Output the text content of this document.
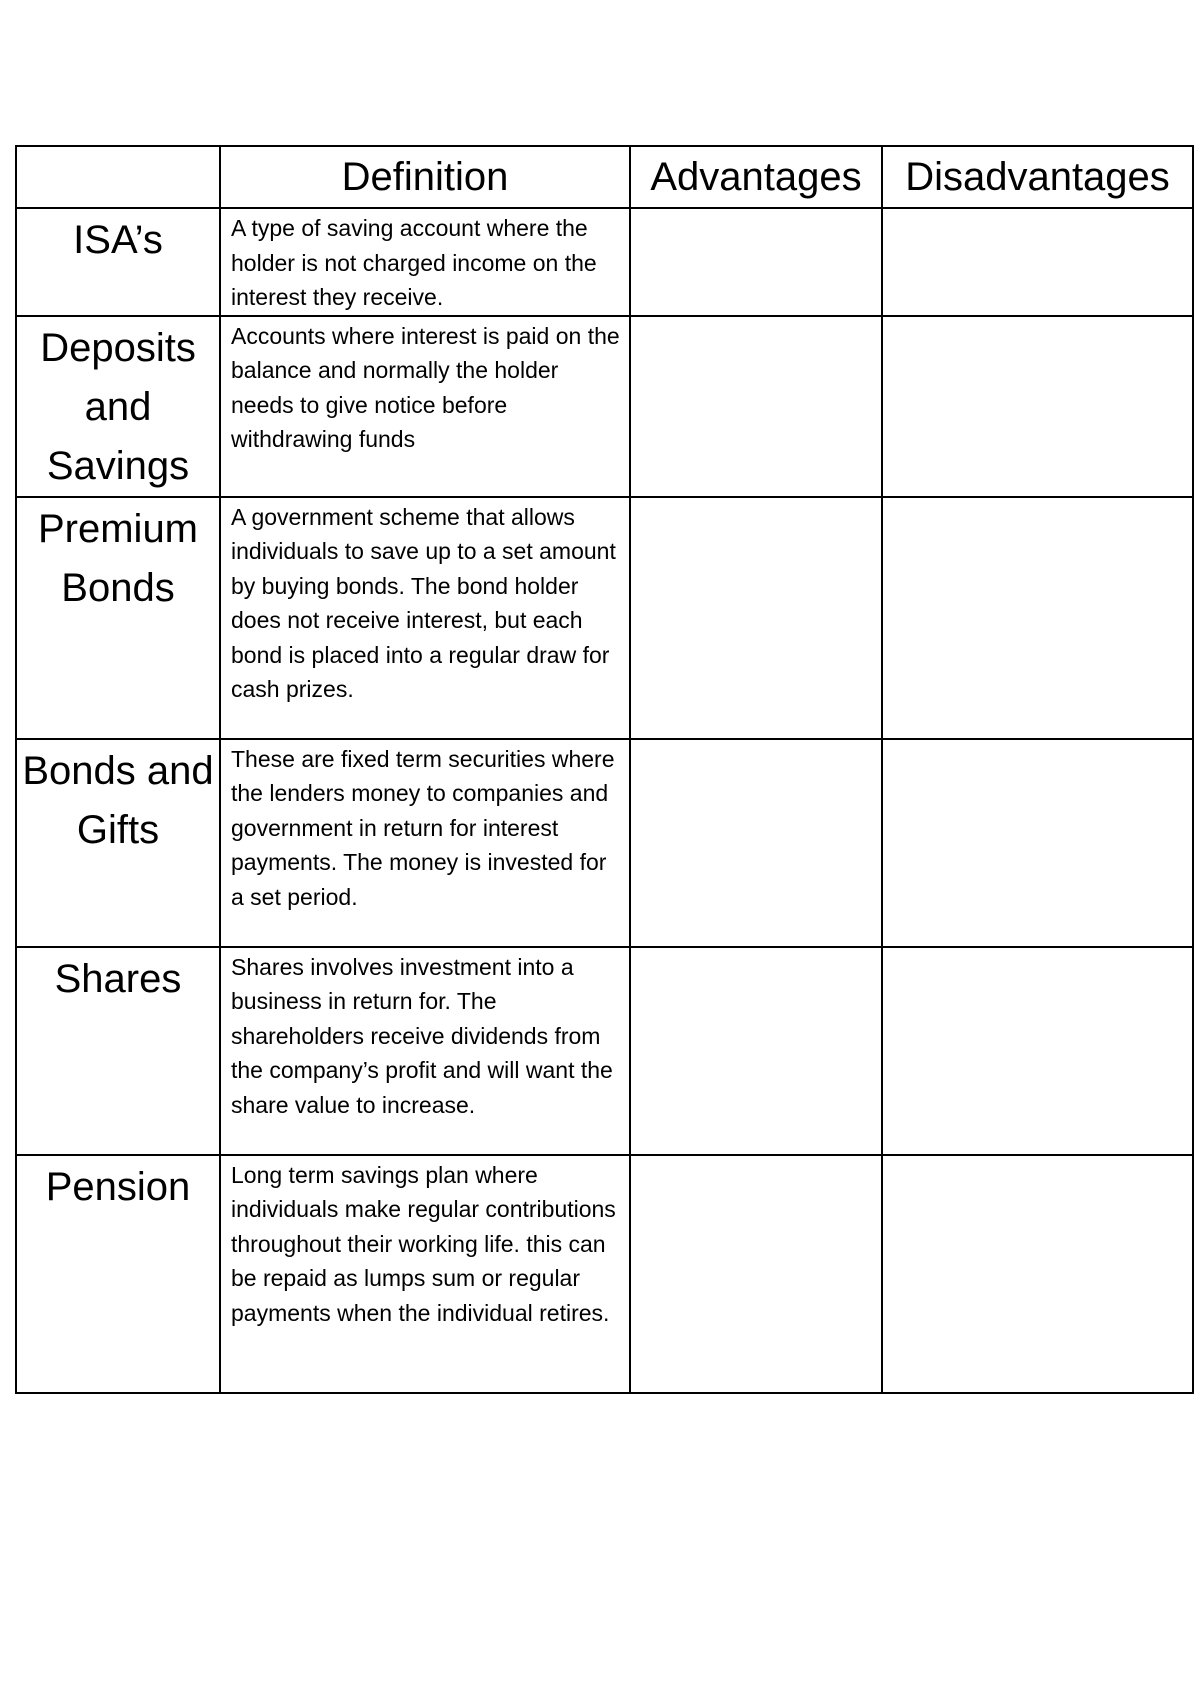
	Definition	Advantages	Disadvantages
ISA’s	A type of saving account where the holder is not charged income on the interest they receive.		
Deposits and Savings	Accounts where interest is paid on the balance and normally the holder needs to give notice before withdrawing funds		
Premium Bonds	A government scheme that allows individuals to save up to a set amount by buying bonds. The bond holder does not receive interest, but each bond is placed into a regular draw for cash prizes.		
Bonds and Gifts	These are fixed term securities where the lenders money to companies and government in return for interest payments. The money is invested for a set period.		
Shares	Shares involves investment into a business in return for. The shareholders receive dividends from the company’s profit and will want the share value to increase.		
Pension	Long term savings plan where individuals make regular contributions throughout their working life. this can be repaid as lumps sum or regular payments when the individual retires.		
